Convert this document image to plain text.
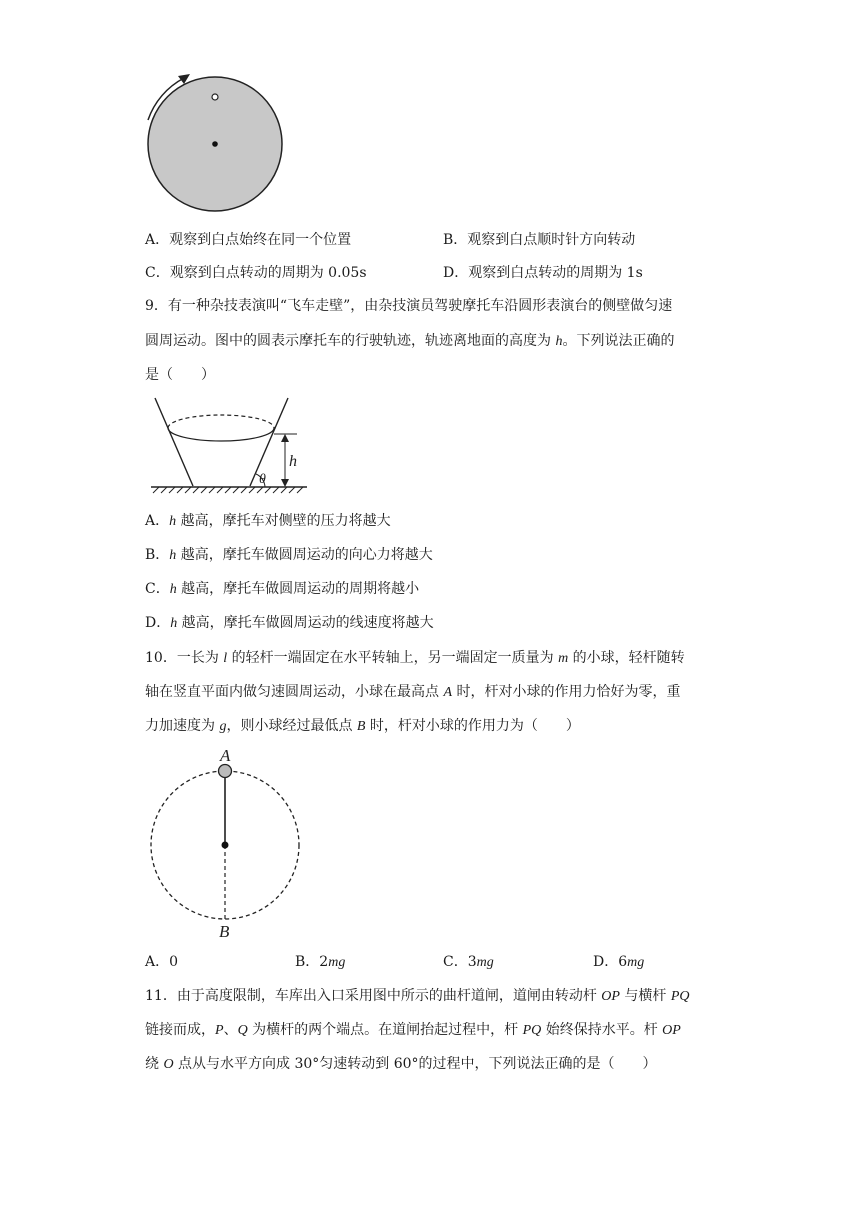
A．观察到白点始终在同一个位置	B．观察到白点顺时针方向转动
C．观察到白点转动的周期为 0.05s	D．观察到白点转动的周期为 1s
9．有一种杂技表演叫“飞车走壁”，由杂技演员驾驶摩托车沿圆形表演台的侧壁做匀速
圆周运动。图中的圆表示摩托车的行驶轨迹，轨迹离地面的高度为 h。下列说法正确的
是（　　）
h
θ
A．h 越高，摩托车对侧壁的压力将越大
B．h 越高，摩托车做圆周运动的向心力将越大
C．h 越高，摩托车做圆周运动的周期将越小
D．h 越高，摩托车做圆周运动的线速度将越大
10．一长为 l 的轻杆一端固定在水平转轴上，另一端固定一质量为 m 的小球，轻杆随转
轴在竖直平面内做匀速圆周运动，小球在最高点 A 时，杆对小球的作用力恰好为零，重
力加速度为 g，则小球经过最低点 B 时，杆对小球的作用力为（　　）
A
B
A．0	B．2mg	C．3mg	D．6mg
11．由于高度限制，车库出入口采用图中所示的曲杆道闸，道闸由转动杆 OP 与横杆 PQ
链接而成，P、Q 为横杆的两个端点。在道闸抬起过程中，杆 PQ 始终保持水平。杆 OP
绕 O 点从与水平方向成 30°匀速转动到 60°的过程中，下列说法正确的是（　　）
